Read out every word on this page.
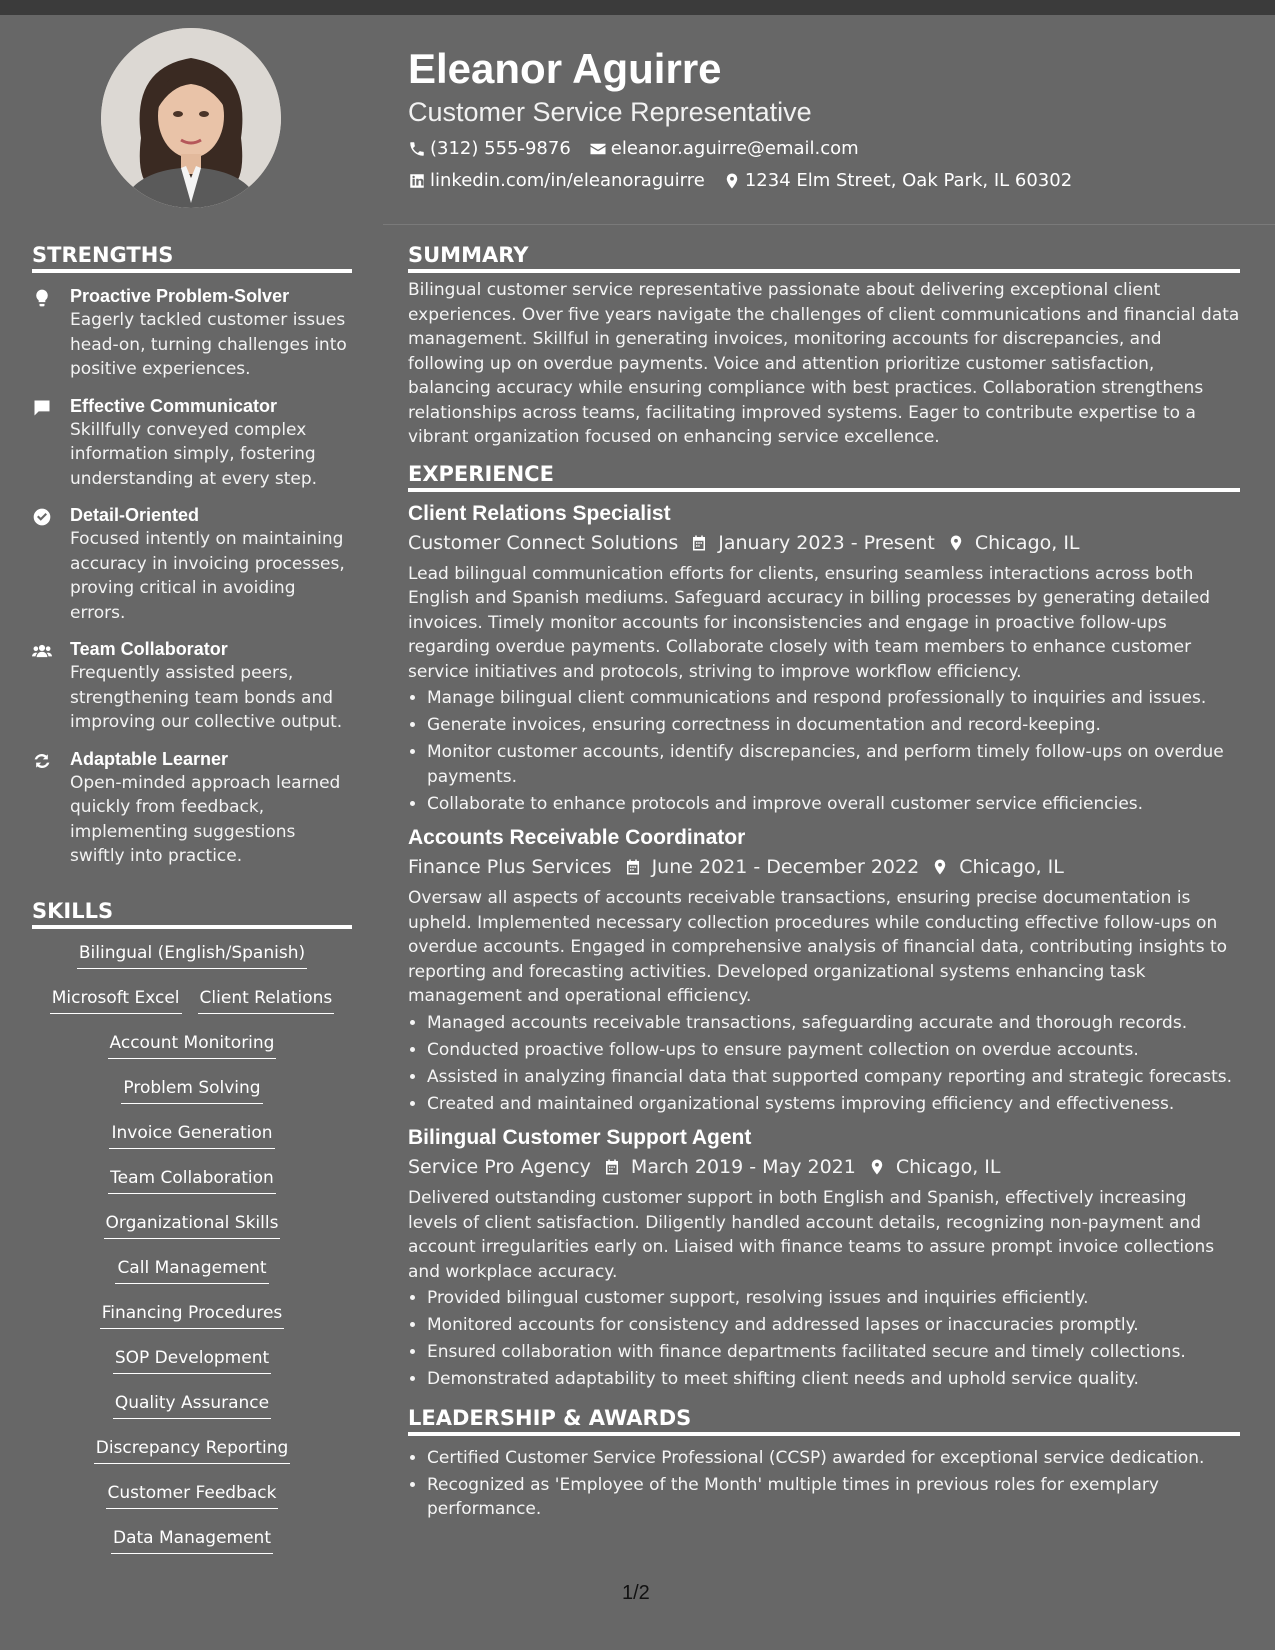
Eleanor Aguirre
Customer Service Representative
(312) 555-9876 eleanor.aguirre@email.com
linkedin.com/in/eleanoraguirre 1234 Elm Street, Oak Park, IL 60302
STRENGTHS
Proactive Problem-Solver
Eagerly tackled customer issues head-on, turning challenges into positive experiences.
Effective Communicator
Skillfully conveyed complex information simply, fostering understanding at every step.
Detail-Oriented
Focused intently on maintaining accuracy in invoicing processes, proving critical in avoiding errors.
Team Collaborator
Frequently assisted peers, strengthening team bonds and improving our collective output.
Adaptable Learner
Open-minded approach learned quickly from feedback, implementing suggestions swiftly into practice.
SKILLS
Bilingual (English/Spanish)
Microsoft Excel Client Relations
Account Monitoring
Problem Solving
Invoice Generation
Team Collaboration
Organizational Skills
Call Management
Financing Procedures
SOP Development
Quality Assurance
Discrepancy Reporting
Customer Feedback
Data Management
SUMMARY

Bilingual customer service representative passionate about delivering exceptional client experiences. Over five years navigate the challenges of client communications and financial data management. Skillful in generating invoices, monitoring accounts for discrepancies, and following up on overdue payments. Voice and attention prioritize customer satisfaction, balancing accuracy while ensuring compliance with best practices. Collaboration strengthens relationships across teams, facilitating improved systems. Eager to contribute expertise to a vibrant organization focused on enhancing service excellence.

EXPERIENCE
Client Relations Specialist
Customer Connect Solutions January 2023 - Present Chicago, IL
Lead bilingual communication efforts for clients, ensuring seamless interactions across both English and Spanish mediums. Safeguard accuracy in billing processes by generating detailed invoices. Timely monitor accounts for inconsistencies and engage in proactive follow-ups regarding overdue payments. Collaborate closely with team members to enhance customer service initiatives and protocols, striving to improve workflow efficiency.
• Manage bilingual client communications and respond professionally to inquiries and issues.
• Generate invoices, ensuring correctness in documentation and record-keeping.
• Monitor customer accounts, identify discrepancies, and perform timely follow-ups on overdue payments.
• Collaborate to enhance protocols and improve overall customer service efficiencies.
Accounts Receivable Coordinator
Finance Plus Services June 2021 - December 2022 Chicago, IL
Oversaw all aspects of accounts receivable transactions, ensuring precise documentation is upheld. Implemented necessary collection procedures while conducting effective follow-ups on overdue accounts. Engaged in comprehensive analysis of financial data, contributing insights to reporting and forecasting activities. Developed organizational systems enhancing task management and operational efficiency.
• Managed accounts receivable transactions, safeguarding accurate and thorough records.
• Conducted proactive follow-ups to ensure payment collection on overdue accounts.
• Assisted in analyzing financial data that supported company reporting and strategic forecasts.
• Created and maintained organizational systems improving efficiency and effectiveness.
Bilingual Customer Support Agent
Service Pro Agency March 2019 - May 2021 Chicago, IL
Delivered outstanding customer support in both English and Spanish, effectively increasing levels of client satisfaction. Diligently handled account details, recognizing non-payment and account irregularities early on. Liaised with finance teams to assure prompt invoice collections and workplace accuracy.
• Provided bilingual customer support, resolving issues and inquiries efficiently.
• Monitored accounts for consistency and addressed lapses or inaccuracies promptly.
• Ensured collaboration with finance departments facilitated secure and timely collections.
• Demonstrated adaptability to meet shifting client needs and uphold service quality.
LEADERSHIP & AWARDS
• Certified Customer Service Professional (CCSP) awarded for exceptional service dedication.
• Recognized as 'Employee of the Month' multiple times in previous roles for exemplary performance.
1/2
